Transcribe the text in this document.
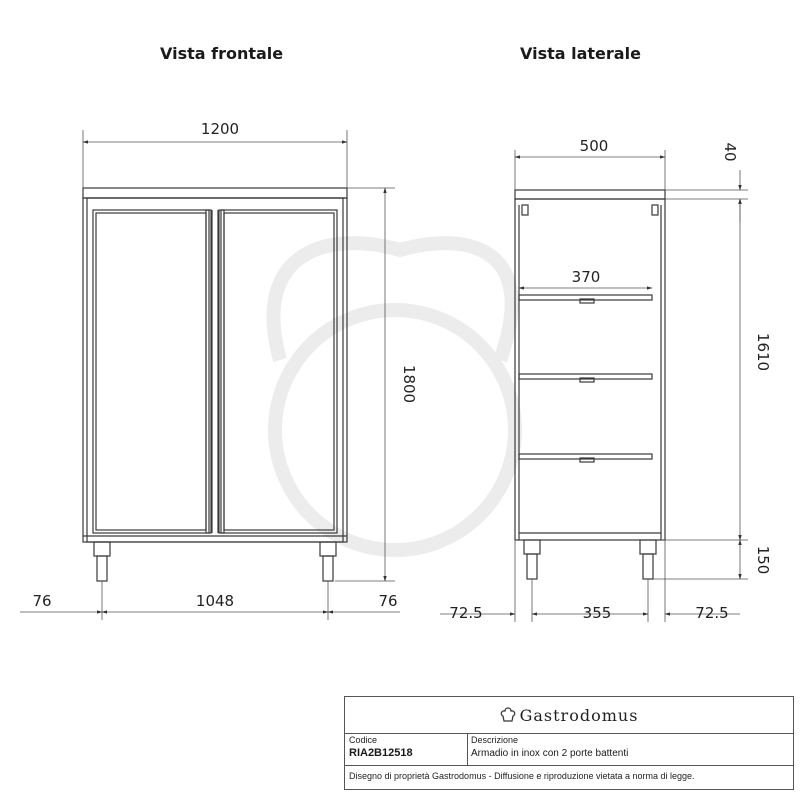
Vista frontale	Vista laterale
1200
1800
1048
76	76
500	40
370
1610
150
72.5	355	72.5
Gastrodomus
Codice
RIA2B12518
Descrizione
Armadio in inox con 2 porte battenti
Disegno di proprietà Gastrodomus - Diffusione e riproduzione vietata a norma di legge.
